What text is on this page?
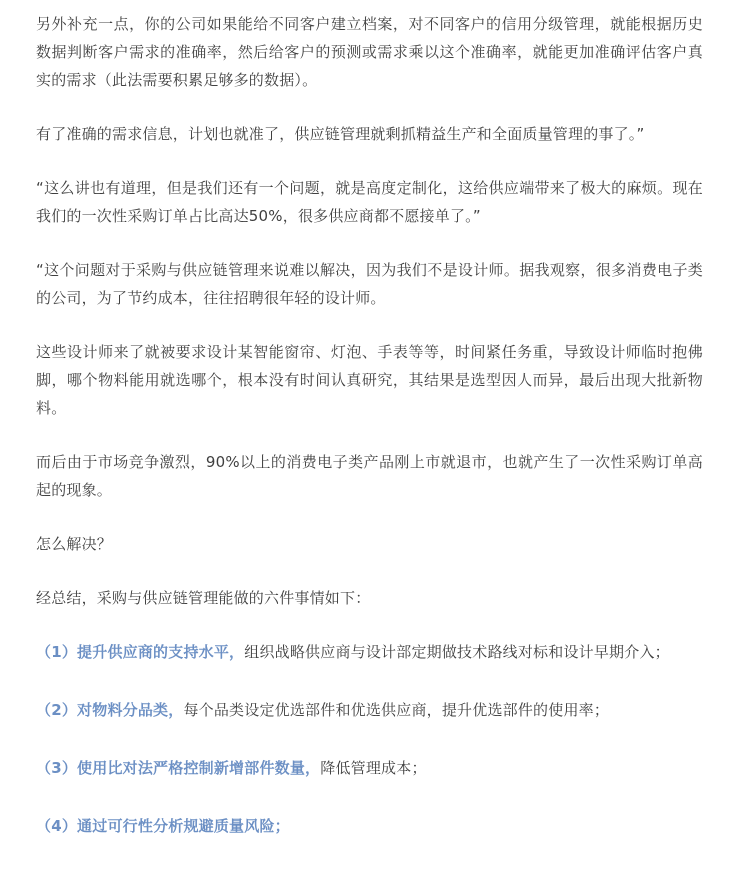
另外补充一点，你的公司如果能给不同客户建立档案，对不同客户的信用分级管理，就能根据历史数据判断客户需求的准确率，然后给客户的预测或需求乘以这个准确率，就能更加准确评估客户真实的需求（此法需要积累足够多的数据）。

有了准确的需求信息，计划也就准了，供应链管理就剩抓精益生产和全面质量管理的事了。”

“这么讲也有道理，但是我们还有一个问题，就是高度定制化，这给供应端带来了极大的麻烦。现在我们的一次性采购订单占比高达50%，很多供应商都不愿接单了。”

“这个问题对于采购与供应链管理来说难以解决，因为我们不是设计师。据我观察，很多消费电子类的公司，为了节约成本，往往招聘很年轻的设计师。

这些设计师来了就被要求设计某智能窗帘、灯泡、手表等等，时间紧任务重，导致设计师临时抱佛脚，哪个物料能用就选哪个，根本没有时间认真研究，其结果是选型因人而异，最后出现大批新物料。

而后由于市场竞争激烈，90%以上的消费电子类产品刚上市就退市，也就产生了一次性采购订单高起的现象。

怎么解决？

经总结，采购与供应链管理能做的六件事情如下：

（1）提升供应商的支持水平，组织战略供应商与设计部定期做技术路线对标和设计早期介入；

（2）对物料分品类，每个品类设定优选部件和优选供应商，提升优选部件的使用率；

（3）使用比对法严格控制新增部件数量，降低管理成本；

（4）通过可行性分析规避质量风险；
